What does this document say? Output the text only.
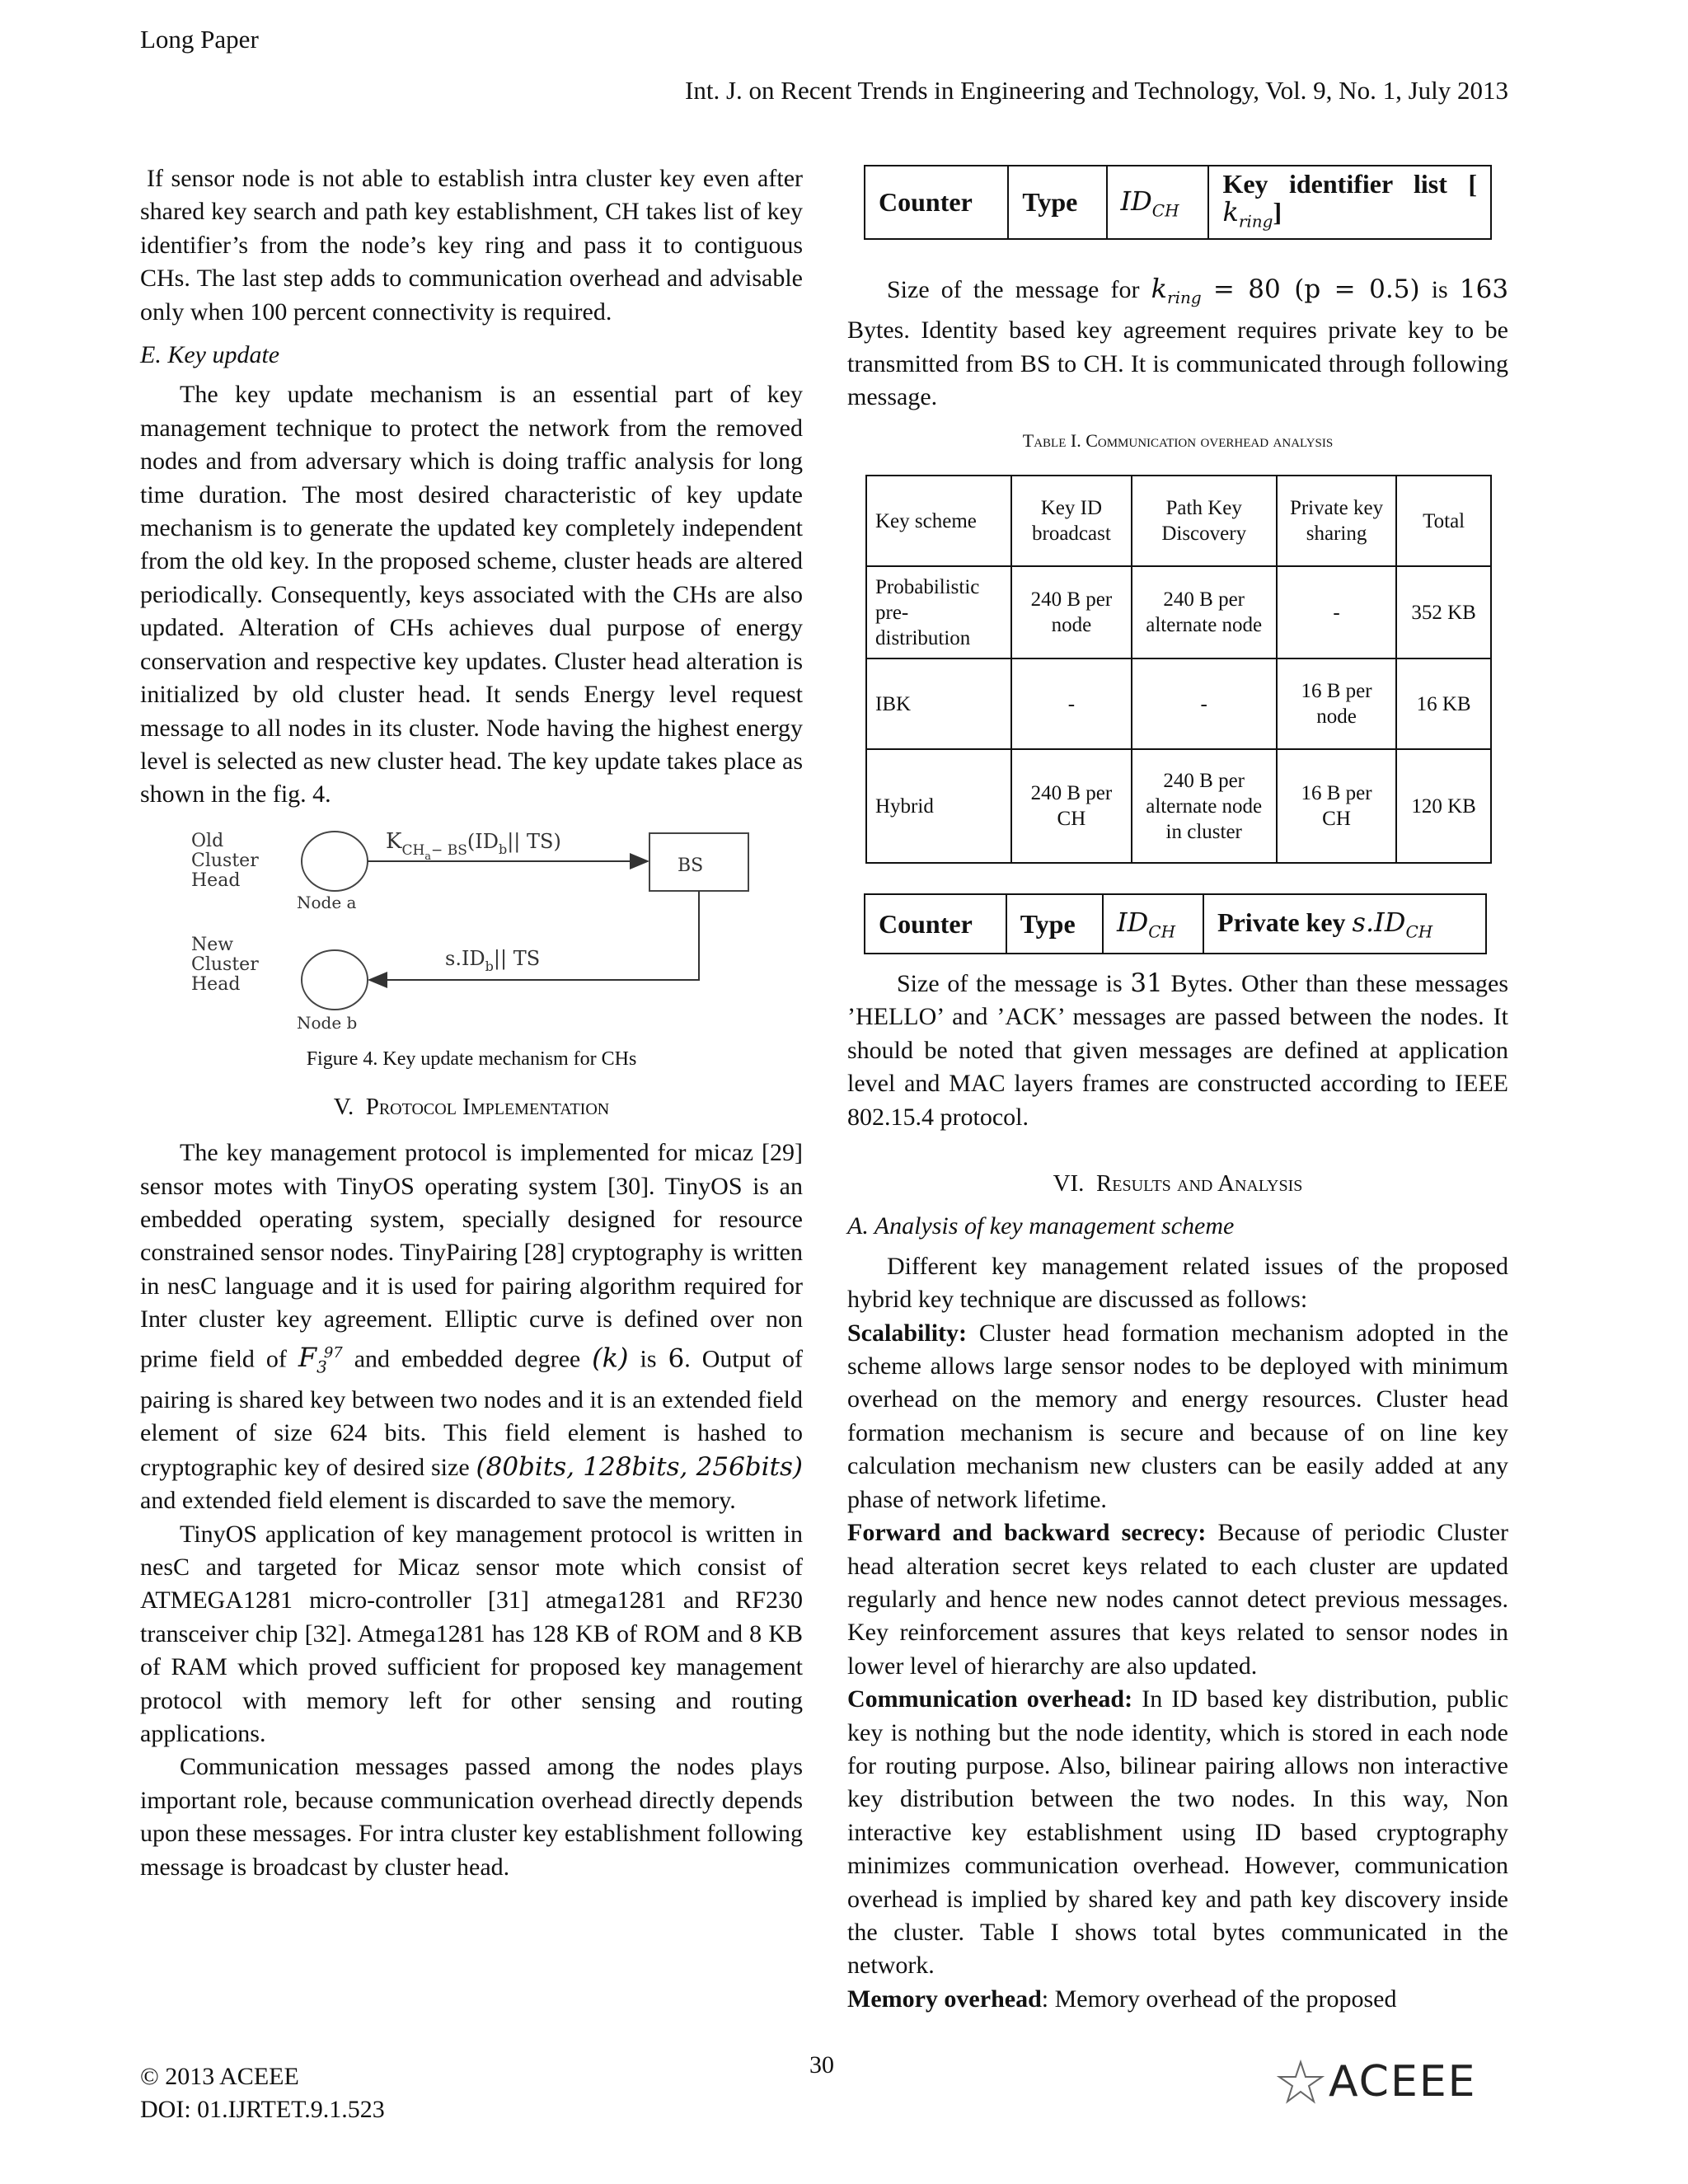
Long Paper
Int. J. on Recent Trends in Engineering and Technology, Vol. 9, No. 1, July 2013

If sensor node is not able to establish intra cluster key even after shared key search and path key establishment, CH takes list of key identifier’s from the node’s key ring and pass it to contiguous CHs. The last step adds to communication overhead and advisable only when 100 percent connectivity is required.

E. Key update

The key update mechanism is an essential part of key management technique to protect the network from the removed nodes and from adversary which is doing traffic analysis for long time duration. The most desired characteristic of key update mechanism is to generate the updated key completely independent from the old key. In the proposed scheme, cluster heads are altered periodically. Consequently, keys associated with the CHs are also updated. Alteration of CHs achieves dual purpose of energy conservation and respective key updates. Cluster head alteration is initialized by old cluster head. It sends Energy level request message to all nodes in its cluster. Node having the highest energy level is selected as new cluster head. The key update takes place as shown in the fig. 4.

Old
Cluster
Head
New
Cluster
Head
Node a
Node b
BS
$K_{CHa}^{- BS}(ID_b||$ TS)
$s.ID_b||$ TS
Figure 4. Key update mechanism for CHs

V. Protocol Implementation

The key management protocol is implemented for micaz [29] sensor motes with TinyOS operating system [30]. TinyOS is an embedded operating system, specially designed for resource constrained sensor nodes. TinyPairing [28] cryptography is written in nesC language and it is used for pairing algorithm required for Inter cluster key agreement. Elliptic curve is defined over non prime field of $F_3^{97}$ and embedded degree (k) is 6. Output of pairing is shared key between two nodes and it is an extended field element of size 624 bits. This field element is hashed to cryptographic key of desired size (80bits, 128bits, 256bits) and extended field element is discarded to save the memory.

TinyOS application of key management protocol is written in nesC and targeted for Micaz sensor mote which consist of ATMEGA1281 micro-controller [31] atmega1281 and RF230 transceiver chip [32]. Atmega1281 has 128 KB of ROM and 8 KB of RAM which proved sufficient for proposed key management protocol with memory left for other sensing and routing applications.

Communication messages passed among the nodes plays important role, because communication overhead directly depends upon these messages. For intra cluster key establishment following message is broadcast by cluster head.

Counter	Type	$ID_{CH}$	
Key identifier list [
$k_{ring}$]

Size of the message for $k_{ring} = 80$ (p = 0.5) is 163 Bytes. Identity based key agreement requires private key to be transmitted from BS to CH. It is communicated through following message.

Table I. Communication overhead analysis

Key scheme	Key ID broadcast	Path Key Discovery	Private key sharing	Total
Probabilistic pre-distribution	240 B per node	240 B per alternate node	-	352 KB
IBK	-	-	16 B per node	16 KB
Hybrid	240 B per CH	240 B per alternate node in cluster	16 B per CH	120 KB
Counter	Type	$ID_{CH}$	Private key $s.ID_{CH}$

Size of the message is 31 Bytes. Other than these messages ’HELLO’ and ’ACK’ messages are passed between the nodes. It should be noted that given messages are defined at application level and MAC layers frames are constructed according to IEEE 802.15.4 protocol.

VI. Results and Analysis

A. Analysis of key management scheme

Different key management related issues of the proposed hybrid key technique are discussed as follows:

Scalability: Cluster head formation mechanism adopted in the scheme allows large sensor nodes to be deployed with minimum overhead on the memory and energy resources. Cluster head formation mechanism is secure and because of on line key calculation mechanism new clusters can be easily added at any phase of network lifetime.

Forward and backward secrecy: Because of periodic Cluster head alteration secret keys related to each cluster are updated regularly and hence new nodes cannot detect previous messages. Key reinforcement assures that keys related to sensor nodes in lower level of hierarchy are also updated.

Communication overhead: In ID based key distribution, public key is nothing but the node identity, which is stored in each node for routing purpose. Also, bilinear pairing allows non interactive key distribution between the two nodes. In this way, Non interactive key establishment using ID based cryptography minimizes communication overhead. However, communication overhead is implied by shared key and path key discovery inside the cluster. Table I shows total bytes communicated in the network.

Memory overhead: Memory overhead of the proposed

© 2013 ACEEE
DOI: 01.IJRTET.9.1.523
30	ACEEE
